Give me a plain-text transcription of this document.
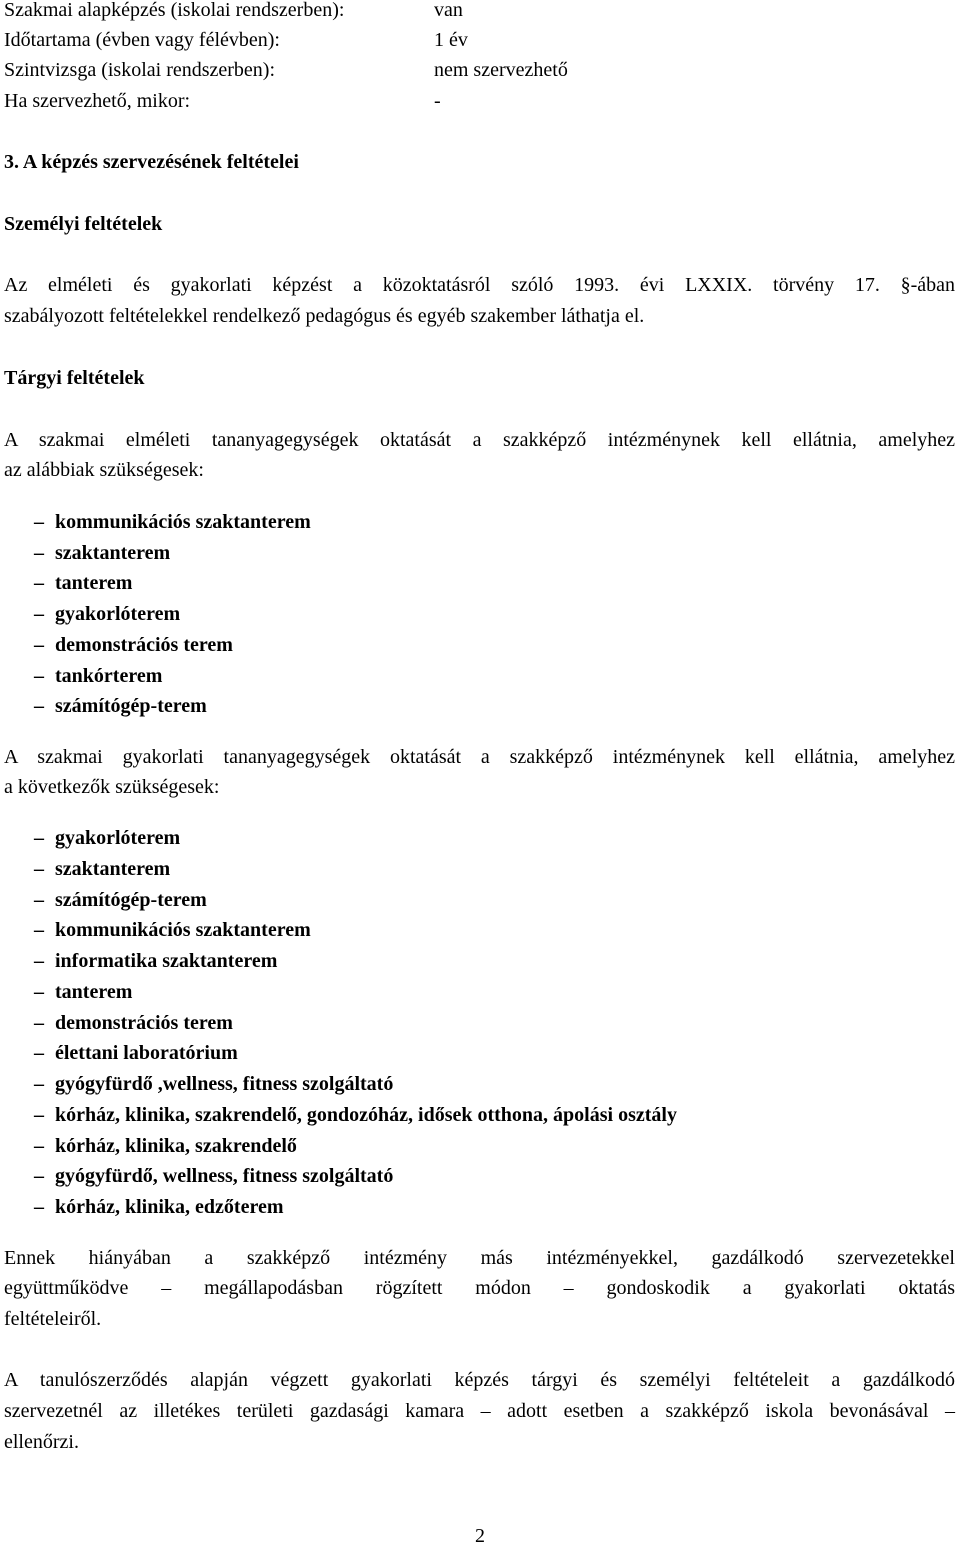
Szakmai alapképzés (iskolai rendszerben):	van
Időtartama (évben vagy félévben):	1 év
Szintvizsga (iskolai rendszerben):	nem szervezhető
Ha szervezhető, mikor:	-
3. A képzés szervezésének feltételei
Személyi feltételek
Az elméleti és gyakorlati képzést a közoktatásról szóló 1993. évi LXXIX. törvény 17. §-ában
szabályozott feltételekkel rendelkező pedagógus és egyéb szakember láthatja el.
Tárgyi feltételek
A szakmai elméleti tananyagegységek oktatását a szakképző intézménynek kell ellátnia, amelyhez
az alábbiak szükségesek:
– kommunikációs szaktanterem
– szaktanterem
– tanterem
– gyakorlóterem
– demonstrációs terem
– tankórterem
– számítógép-terem
A szakmai gyakorlati tananyagegységek oktatását a szakképző intézménynek kell ellátnia, amelyhez
a következők szükségesek:
– gyakorlóterem
– szaktanterem
– számítógép-terem
– kommunikációs szaktanterem
– informatika szaktanterem
– tanterem
– demonstrációs terem
– élettani laboratórium
– gyógyfürdő ,wellness, fitness szolgáltató
– kórház, klinika, szakrendelő, gondozóház, idősek otthona, ápolási osztály
– kórház, klinika, szakrendelő
– gyógyfürdő, wellness, fitness szolgáltató
– kórház, klinika, edzőterem
Ennek hiányában a szakképző intézmény más intézményekkel, gazdálkodó szervezetekkel
együttműködve – megállapodásban rögzített módon – gondoskodik a gyakorlati oktatás
feltételeiről.
A tanulószerződés alapján végzett gyakorlati képzés tárgyi és személyi feltételeit a gazdálkodó
szervezetnél az illetékes területi gazdasági kamara – adott esetben a szakképző iskola bevonásával –
ellenőrzi.
2
